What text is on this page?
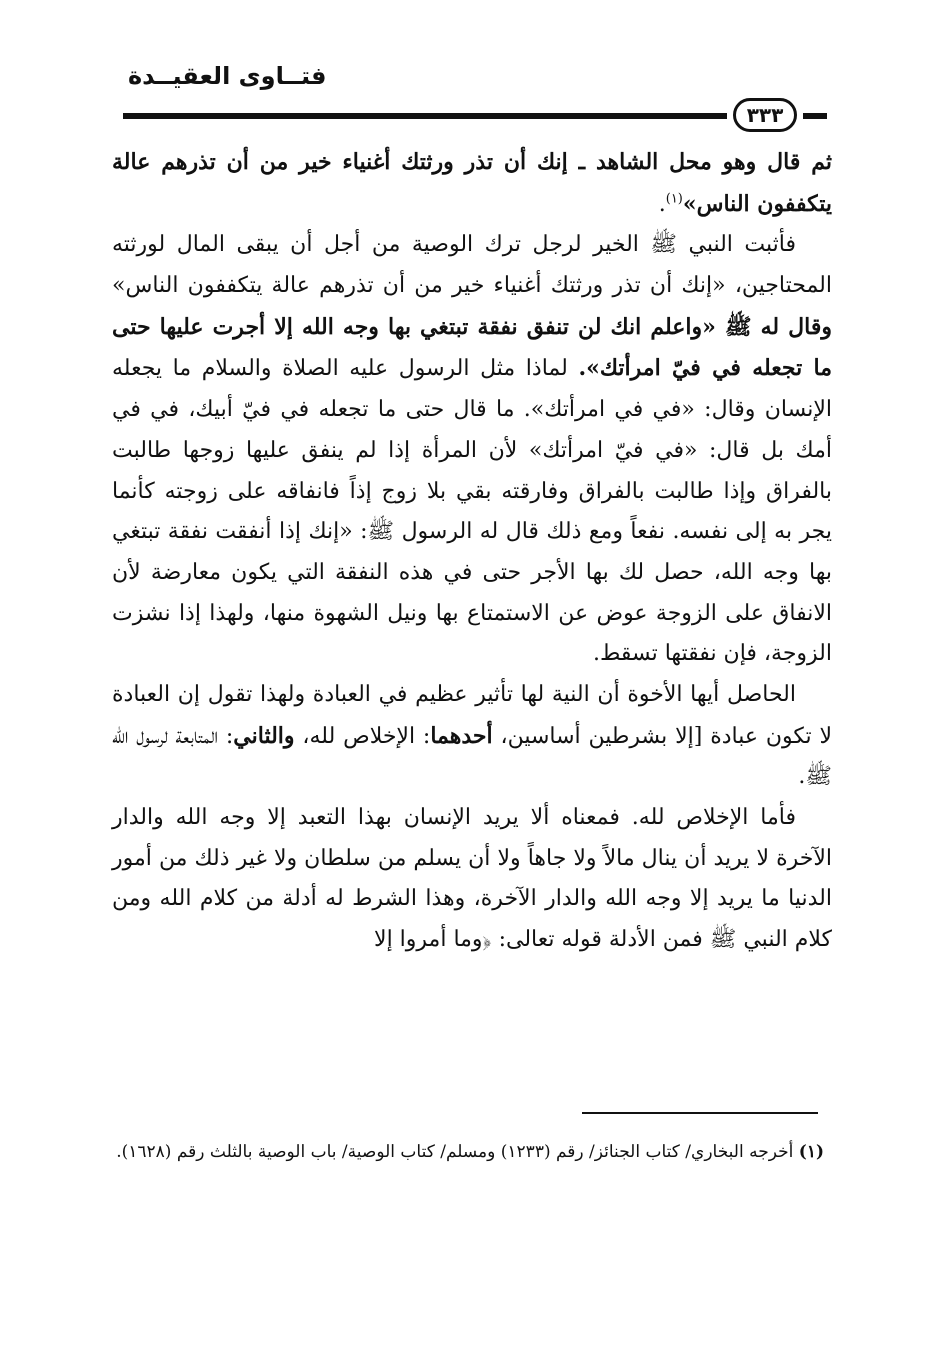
فتــاوى العقيــدة
٣٣٣

ثم قال وهو محل الشاهد ـ إنك أن تذر ورثتك أغنياء خير من أن تذرهم عالة يتكففون الناس»$^{(١)}$.

فأثبت النبي ﷺ الخير لرجل ترك الوصية من أجل أن يبقى المال لورثته المحتاجين، «إنك أن تذر ورثتك أغنياء خير من أن تذرهم عالة يتكففون الناس» وقال له ﷺ «واعلم انك لن تنفق نفقة تبتغي بها وجه الله إلا أجرت عليها حتى ما تجعله في فيّ امرأتك». لماذا مثل الرسول عليه الصلاة والسلام ما يجعله الإنسان وقال: «في في امرأتك». ما قال حتى ما تجعله في فيّ أبيك، في في أمك بل قال: «في فيّ امرأتك» لأن المرأة إذا لم ينفق عليها زوجها طالبت بالفراق وإذا طالبت بالفراق وفارقته بقي بلا زوج إذاً فانفاقه على زوجته كأنما يجر به إلى نفسه. نفعاً ومع ذلك قال له الرسول ﷺ: «إنك إذا أنفقت نفقة تبتغي بها وجه الله، حصل لك بها الأجر حتى في هذه النفقة التي يكون معارضة لأن الانفاق على الزوجة عوض عن الاستمتاع بها ونيل الشهوة منها، ولهذا إذا نشزت الزوجة، فإن نفقتها تسقط.

الحاصل أيها الأخوة أن النية لها تأثير عظيم في العبادة ولهذا تقول إن العبادة لا تكون عبادة [إلا بشرطين أساسين، أحدهما: الإخلاص لله، والثاني: المتابعة لرسول الله ﷺ.

فأما الإخلاص لله. فمعناه ألا يريد الإنسان بهذا التعبد إلا وجه الله والدار الآخرة لا يريد أن ينال مالاً ولا جاهاً ولا أن يسلم من سلطان ولا غير ذلك من أمور الدنيا ما يريد إلا وجه الله والدار الآخرة، وهذا الشرط له أدلة من كلام الله ومن كلام النبي ﷺ فمن الأدلة قوله تعالى: ﴿وما أمروا إلا

(١) أخرجه البخاري/ كتاب الجنائز/ رقم (١٢٣٣) ومسلم/ كتاب الوصية/ باب الوصية بالثلث رقم (١٦٢٨).
